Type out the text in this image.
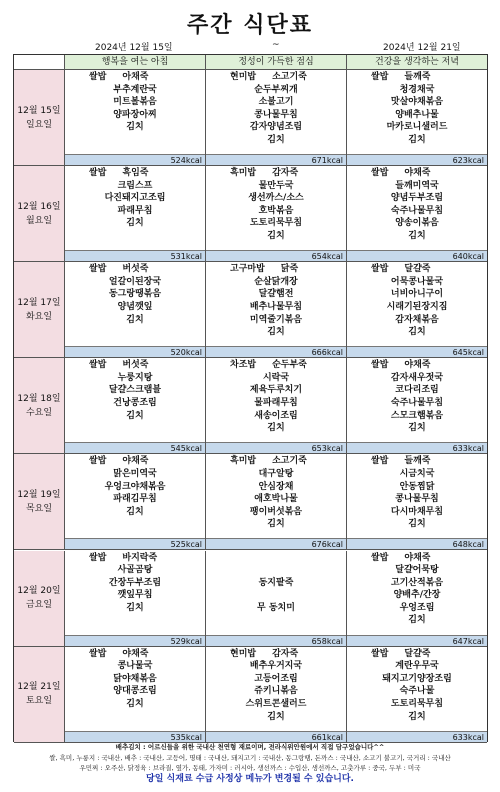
주간 식단표
2024년 12월 15일	~	2024년 12월 21일
행복을 여는 아침	정성이 가득한 점심	건강을 생각하는 저녁
12월 15일
일요일
쌀밥 아채죽
부추계란국
미트볼볶음
양파장아찌
김치
524kcal
현미밥 소고기죽
순두부찌개
소불고기
콩나물무침
감자양념조림
김치
671kcal
쌀밥 들깨죽
청경채국
맛살야채볶음
양배추나물
마카로니샐러드
김치
623kcal
12월 16일
월요일
쌀밥 흑임죽
크림스프
다진돼지고조림
파래무침
김치
531kcal
흑미밥 감자죽
물만두국
생선까스/소스
호박볶음
도토리묵무침
김치
654kcal
쌀밥 야채죽
들깨미역국
양념두부조림
숙주나물무침
양송이볶음
김치
640kcal
12월 17일
화요일
쌀밥 버섯죽
얼갈이된장국
동그랑땡볶음
양념깻잎
김치
520kcal
고구마밥 닭죽
순살닭개장
달걀햄전
배추나물무침
미역줄기볶음
김치
666kcal
쌀밥 달걀죽
어묵콩나물국
너비아니구이
시래기된장지짐
감자채볶음
김치
645kcal
12월 18일
수요일
쌀밥 버섯죽
누룽지탕
달걀스크램블
건낭콩조림
김치
545kcal
차조밥 순두부죽
시락국
제육두루치기
물파래무침
새송이조림
김치
653kcal
쌀밥 야채죽
감자새우젓국
코다리조림
숙주나물무침
스모크햄볶음
김치
633kcal
12월 19일
목요일
쌀밥 야채죽
맑은미역국
우엉크야채볶음
파래김무침
김치
525kcal
흑미밥 소고기죽
대구알탕
안심장채
애호박나물
팽이버섯볶음
김치
676kcal
쌀밥 들깨죽
시금치국
안동찜닭
콩나물무침
다시마채무침
김치
648kcal
12월 20일
금요일
쌀밥 바지락죽
사골곰탕
간장두부조림
깻잎무침
김치
529kcal
동지팥죽
무 동치미
658kcal
쌀밥 야채죽
달걀어묵탕
고기산적볶음
양배추/간장
우엉조림
김치
647kcal
12월 21일
토요일
쌀밥 야채죽
콩나물국
닭야채볶음
양대콩조림
김치
535kcal
현미밥 감자죽
배추우거지국
고등어조림
쥬키니볶음
스위트콘샐러드
김치
661kcal
쌀밥 달걀죽
계란우무국
돼지고기양장조림
숙주나물
도토리묵무침
김치
633kcal
배추김치 : 어르신들을 위한 국내산 천연형 재료이며, 전라식위안원에서 직접 담구었습니다^^
쌀, 흑미, 누룽지 : 국내산, 배추 : 국내산, 고등어, 명태 : 국내산, 돼지고기 : 국내산, 동그랑땡, 돈까스 : 국내산, 소고기 불고기, 국거리 : 국내산
우민찌 : 오주산, 닭정육 : 브라질, 옆가, 동태, 가자미 : 러시아, 생선까스 : 수입산, 생선까스, 고춧가루 : 중국, 두부 : 미국
당일 식재료 수급 사정상 메뉴가 변경될 수 있습니다.
